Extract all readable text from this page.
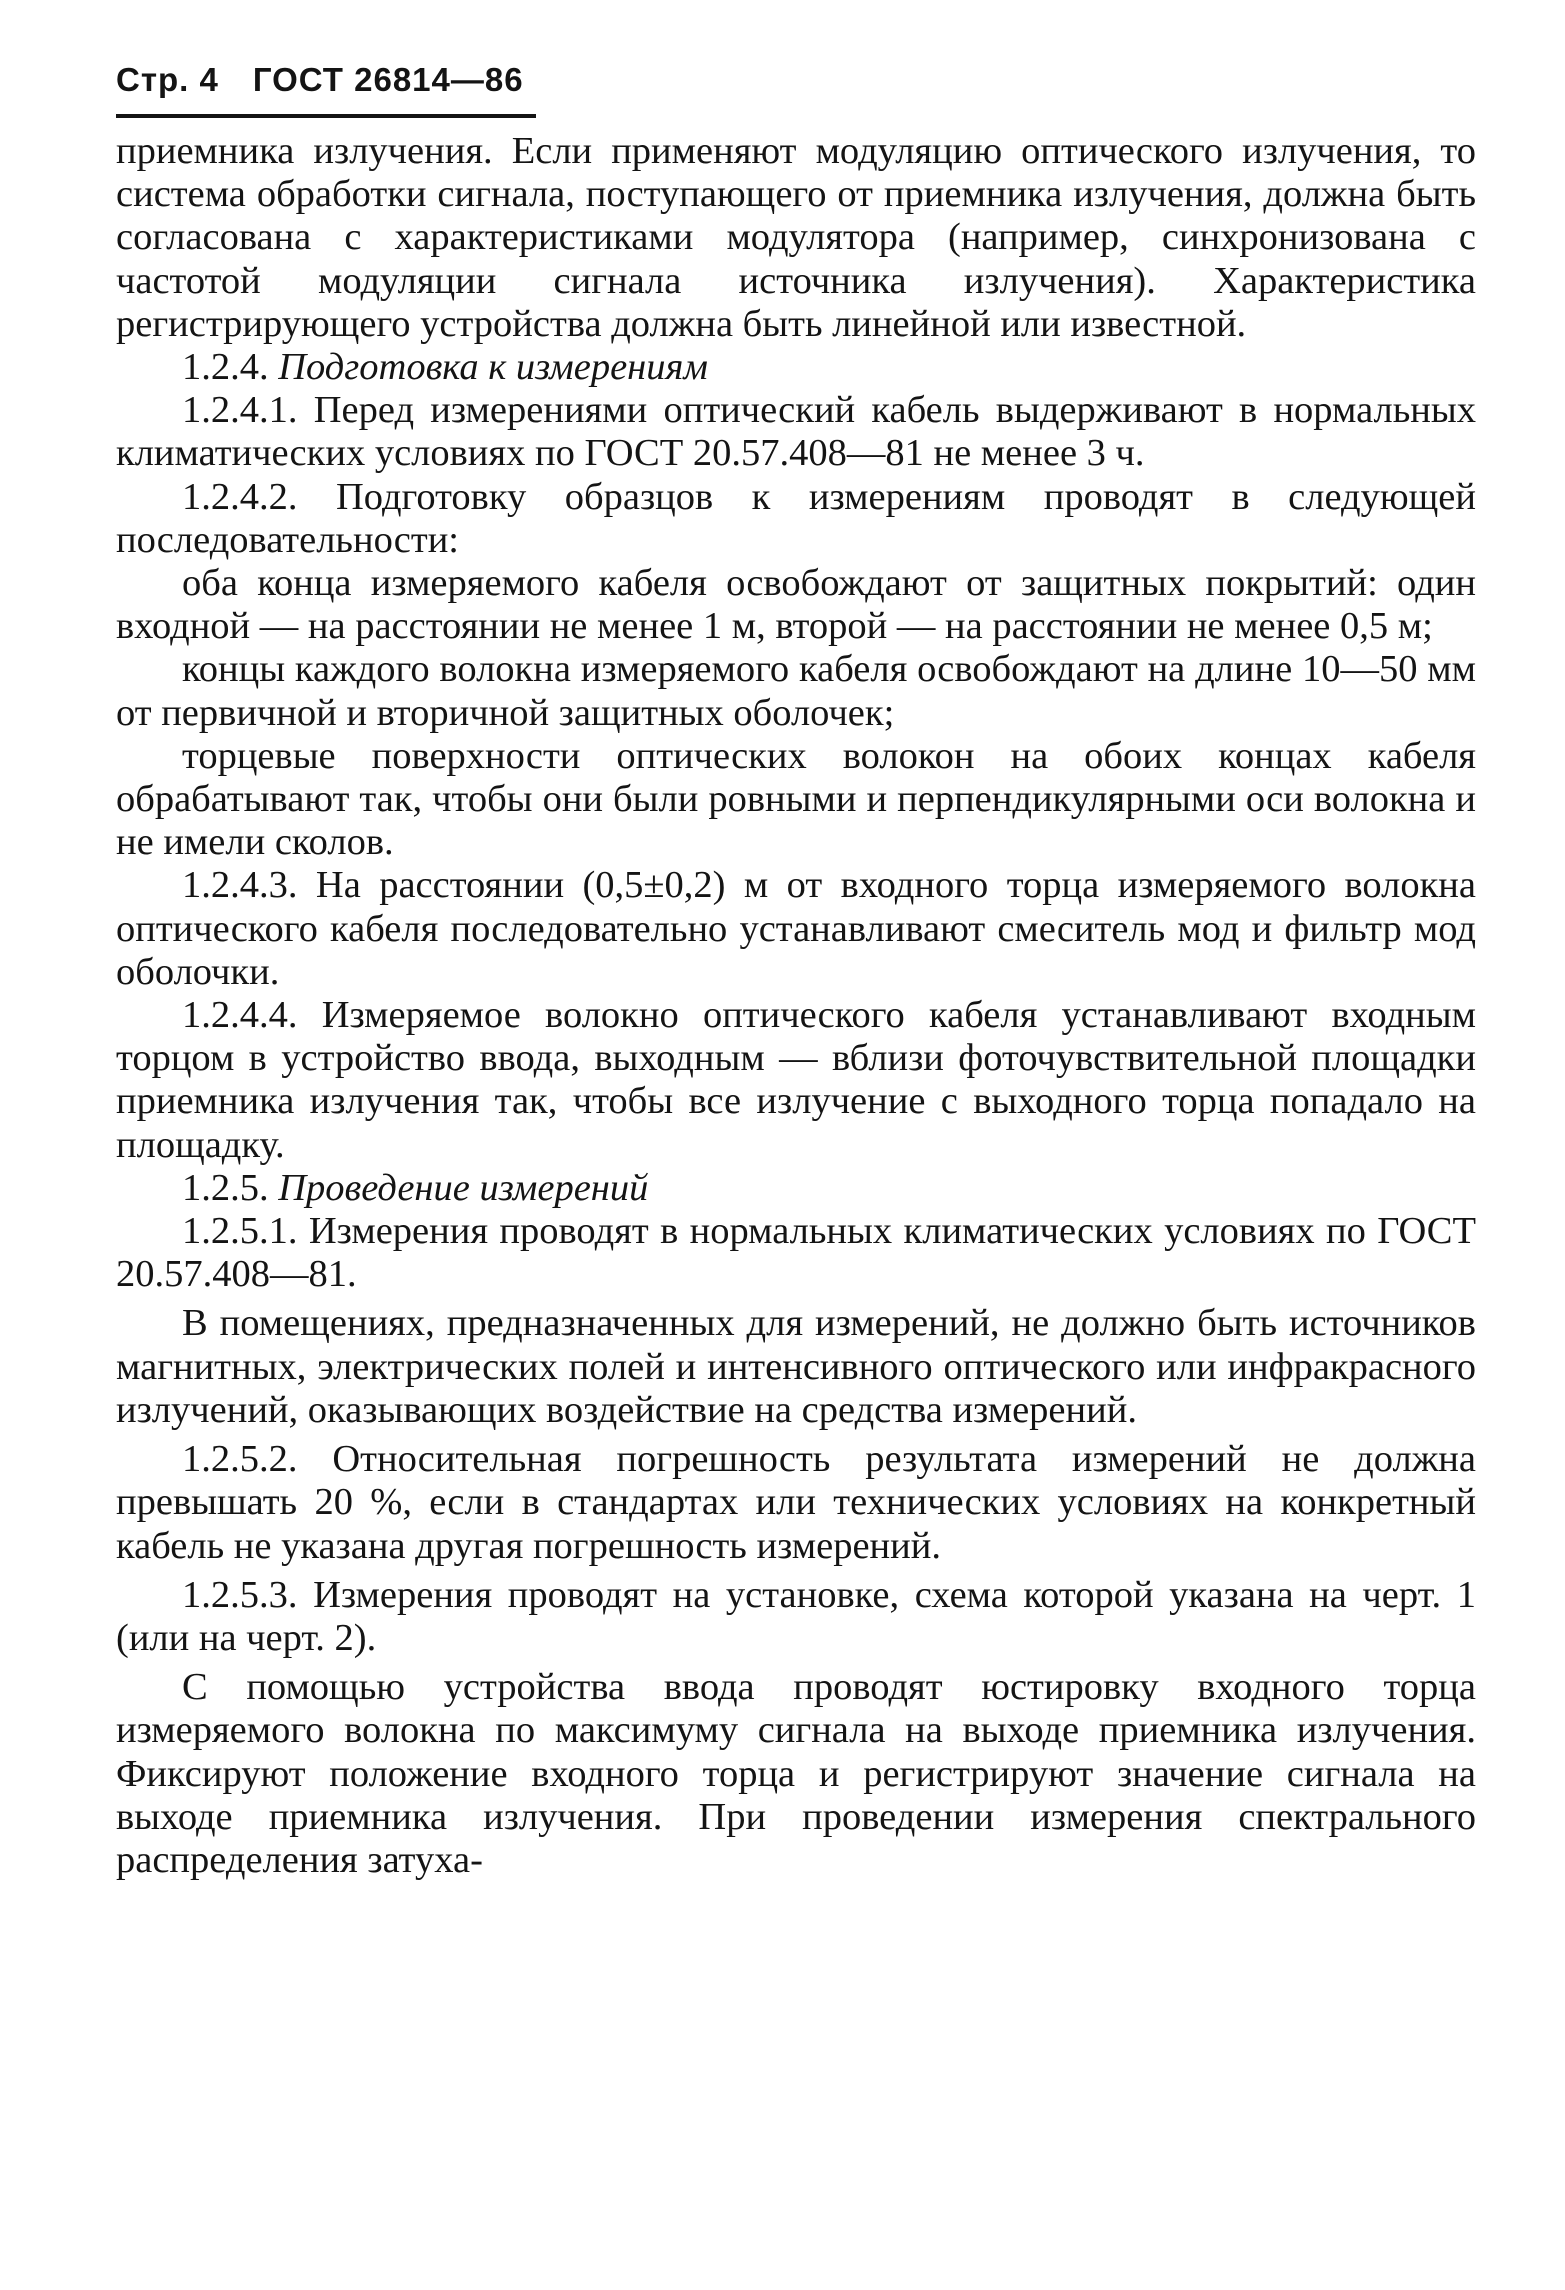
Стр. 4 ГОСТ 26814—86

приемника излучения. Если применяют модуляцию оптического излучения, то система обработки сигнала, поступающего от приемника излучения, должна быть согласована с характеристиками модулятора (например, синхронизована с частотой модуляции сигнала источника излучения). Характеристика регистрирующего устройства должна быть линейной или известной.

1.2.4. Подготовка к измерениям

1.2.4.1. Перед измерениями оптический кабель выдерживают в нормальных климатических условиях по ГОСТ 20.57.408—81 не менее 3 ч.

1.2.4.2. Подготовку образцов к измерениям проводят в следующей последовательности:

оба конца измеряемого кабеля освобождают от защитных покрытий: один входной — на расстоянии не менее 1 м, второй — на расстоянии не менее 0,5 м;

концы каждого волокна измеряемого кабеля освобождают на длине 10—50 мм от первичной и вторичной защитных оболочек;

торцевые поверхности оптических волокон на обоих концах кабеля обрабатывают так, чтобы они были ровными и перпендикулярными оси волокна и не имели сколов.

1.2.4.3. На расстоянии (0,5±0,2) м от входного торца измеряемого волокна оптического кабеля последовательно устанавливают смеситель мод и фильтр мод оболочки.

1.2.4.4. Измеряемое волокно оптического кабеля устанавливают входным торцом в устройство ввода, выходным — вблизи фоточувствительной площадки приемника излучения так, чтобы все излучение с выходного торца попадало на площадку.

1.2.5. Проведение измерений

1.2.5.1. Измерения проводят в нормальных климатических условиях по ГОСТ 20.57.408—81.

В помещениях, предназначенных для измерений, не должно быть источников магнитных, электрических полей и интенсивного оптического или инфракрасного излучений, оказывающих воздействие на средства измерений.

1.2.5.2. Относительная погрешность результата измерений не должна превышать 20 %, если в стандартах или технических условиях на конкретный кабель не указана другая погрешность измерений.

1.2.5.3. Измерения проводят на установке, схема которой указана на черт. 1 (или на черт. 2).

С помощью устройства ввода проводят юстировку входного торца измеряемого волокна по максимуму сигнала на выходе приемника излучения. Фиксируют положение входного торца и регистрируют значение сигнала на выходе приемника излучения. При проведении измерения спектрального распределения затуха-
